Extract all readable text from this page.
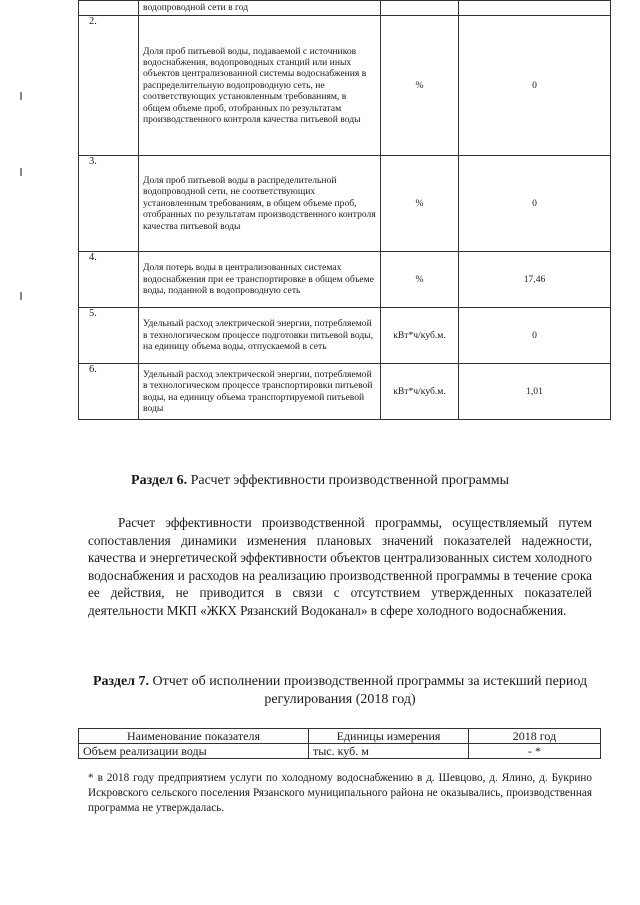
	водопроводной сети в год		
2.	Доля проб питьевой воды, подаваемой с источников водоснабжения, водопроводных станций или иных объектов централизованной системы водоснабжения в распределительную водопроводную сеть, не соответствующих установленным требованиям, в общем объеме проб, отобранных по результатам производственного контроля качества питьевой воды	%	0
3.	Доля проб питьевой воды в распределительной водопроводной сети, не соответствующих установленным требованиям, в общем объеме проб, отобранных по результатам производственного контроля качества питьевой воды	%	0
4.	Доля потерь воды в централизованных системах водоснабжения при ее транспортировке в общем объеме воды, поданной в водопроводную сеть	%	17,46
5.	Удельный расход электрической энергии, потребляемой в технологическом процессе подготовки питьевой воды, на единицу объема воды, отпускаемой в сеть	кВт*ч/куб.м.	0
6.	Удельный расход электрической энергии, потребляемой в технологическом процессе транспортировки питьевой воды, на единицу объема транспортируемой питьевой воды	кВт*ч/куб.м.	1,01
Раздел 6. Расчет эффективности производственной программы

Расчет эффективности производственной программы, осуществляемый путем сопоставления динамики изменения плановых значений показателей надежности, качества и энергетической эффективности объектов централизованных систем холодного водоснабжения и расходов на реализацию производственной программы в течение срока ее действия, не приводится в связи с отсутствием утвержденных показателей деятельности МКП «ЖКХ Рязанский Водоканал» в сфере холодного водоснабжения.

Раздел 7. Отчет об исполнении производственной программы за истекший период регулирования (2018 год)
Наименование показателя	Единицы измерения	2018 год
Объем реализации воды	тыс. куб. м	- *

* в 2018 году предприятием услуги по холодному водоснабжению в д. Шевцово, д. Ялино, д. Букрино Искровского сельского поселения Рязанского муниципального района не оказывались, производственная программа не утверждалась.
